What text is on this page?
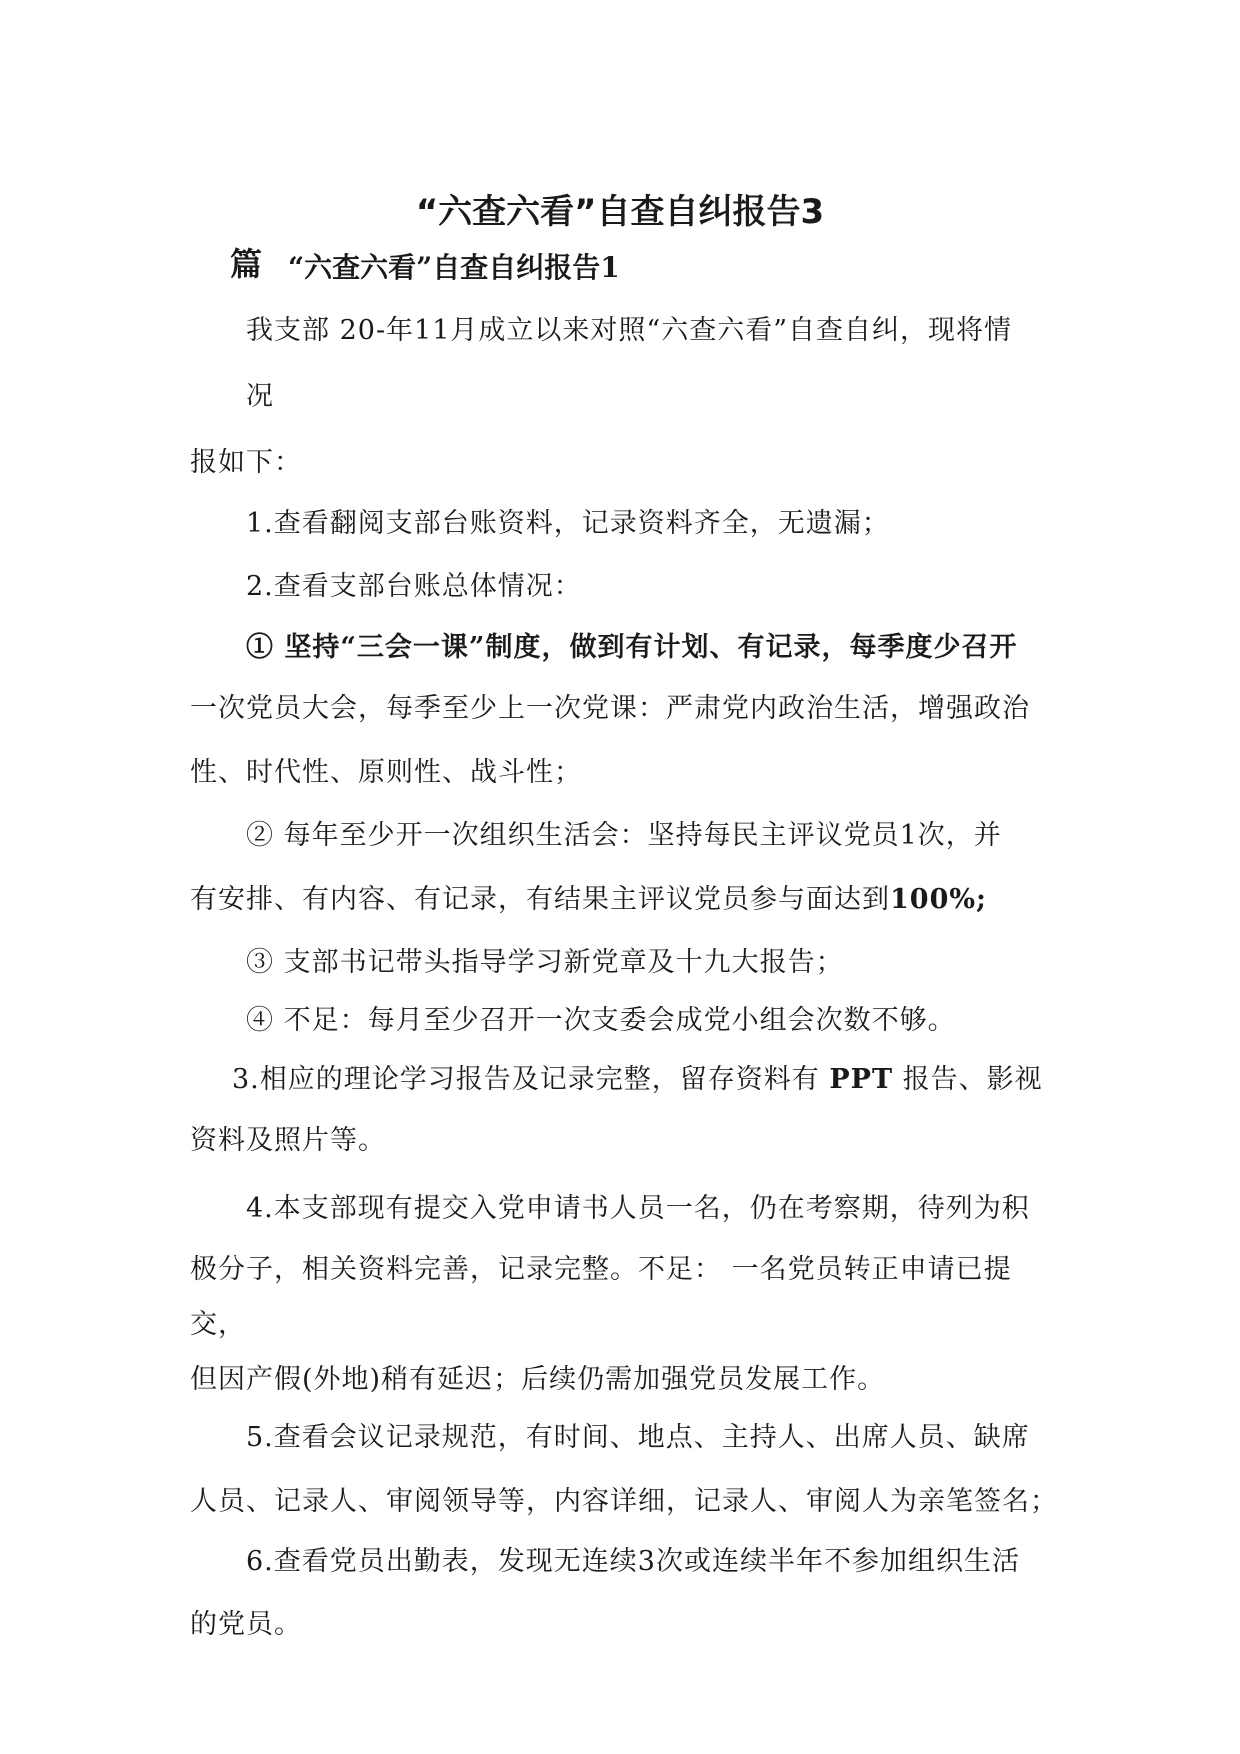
“六查六看”自查自纠报告3
篇 “六查六看”自查自纠报告1
我支部 20-年11月成立以来对照“六查六看”自查自纠，现将情
况
报如下：
1.查看翻阅支部台账资料，记录资料齐全，无遗漏；
2.查看支部台账总体情况：
① 坚持“三会一课”制度，做到有计划、有记录，每季度少召开
一次党员大会，每季至少上一次党课：严肃党内政治生活，增强政治
性、时代性、原则性、战斗性；
② 每年至少开一次组织生活会：坚持每民主评议党员1次，并
有安排、有内容、有记录，有结果主评议党员参与面达到100%;
③ 支部书记带头指导学习新党章及十九大报告；
④ 不足：每月至少召开一次支委会成党小组会次数不够。
3.相应的理论学习报告及记录完整，留存资料有 PPT 报告、影视
资料及照片等。
4.本支部现有提交入党申请书人员一名，仍在考察期，待列为积
极分子，相关资料完善，记录完整。不足： 一名党员转正申请已提
交，
但因产假(外地)稍有延迟；后续仍需加强党员发展工作。
5.查看会议记录规范，有时间、地点、主持人、出席人员、缺席
人员、记录人、审阅领导等，内容详细，记录人、审阅人为亲笔签名；
6.查看党员出勤表，发现无连续3次或连续半年不参加组织生活
的党员。
